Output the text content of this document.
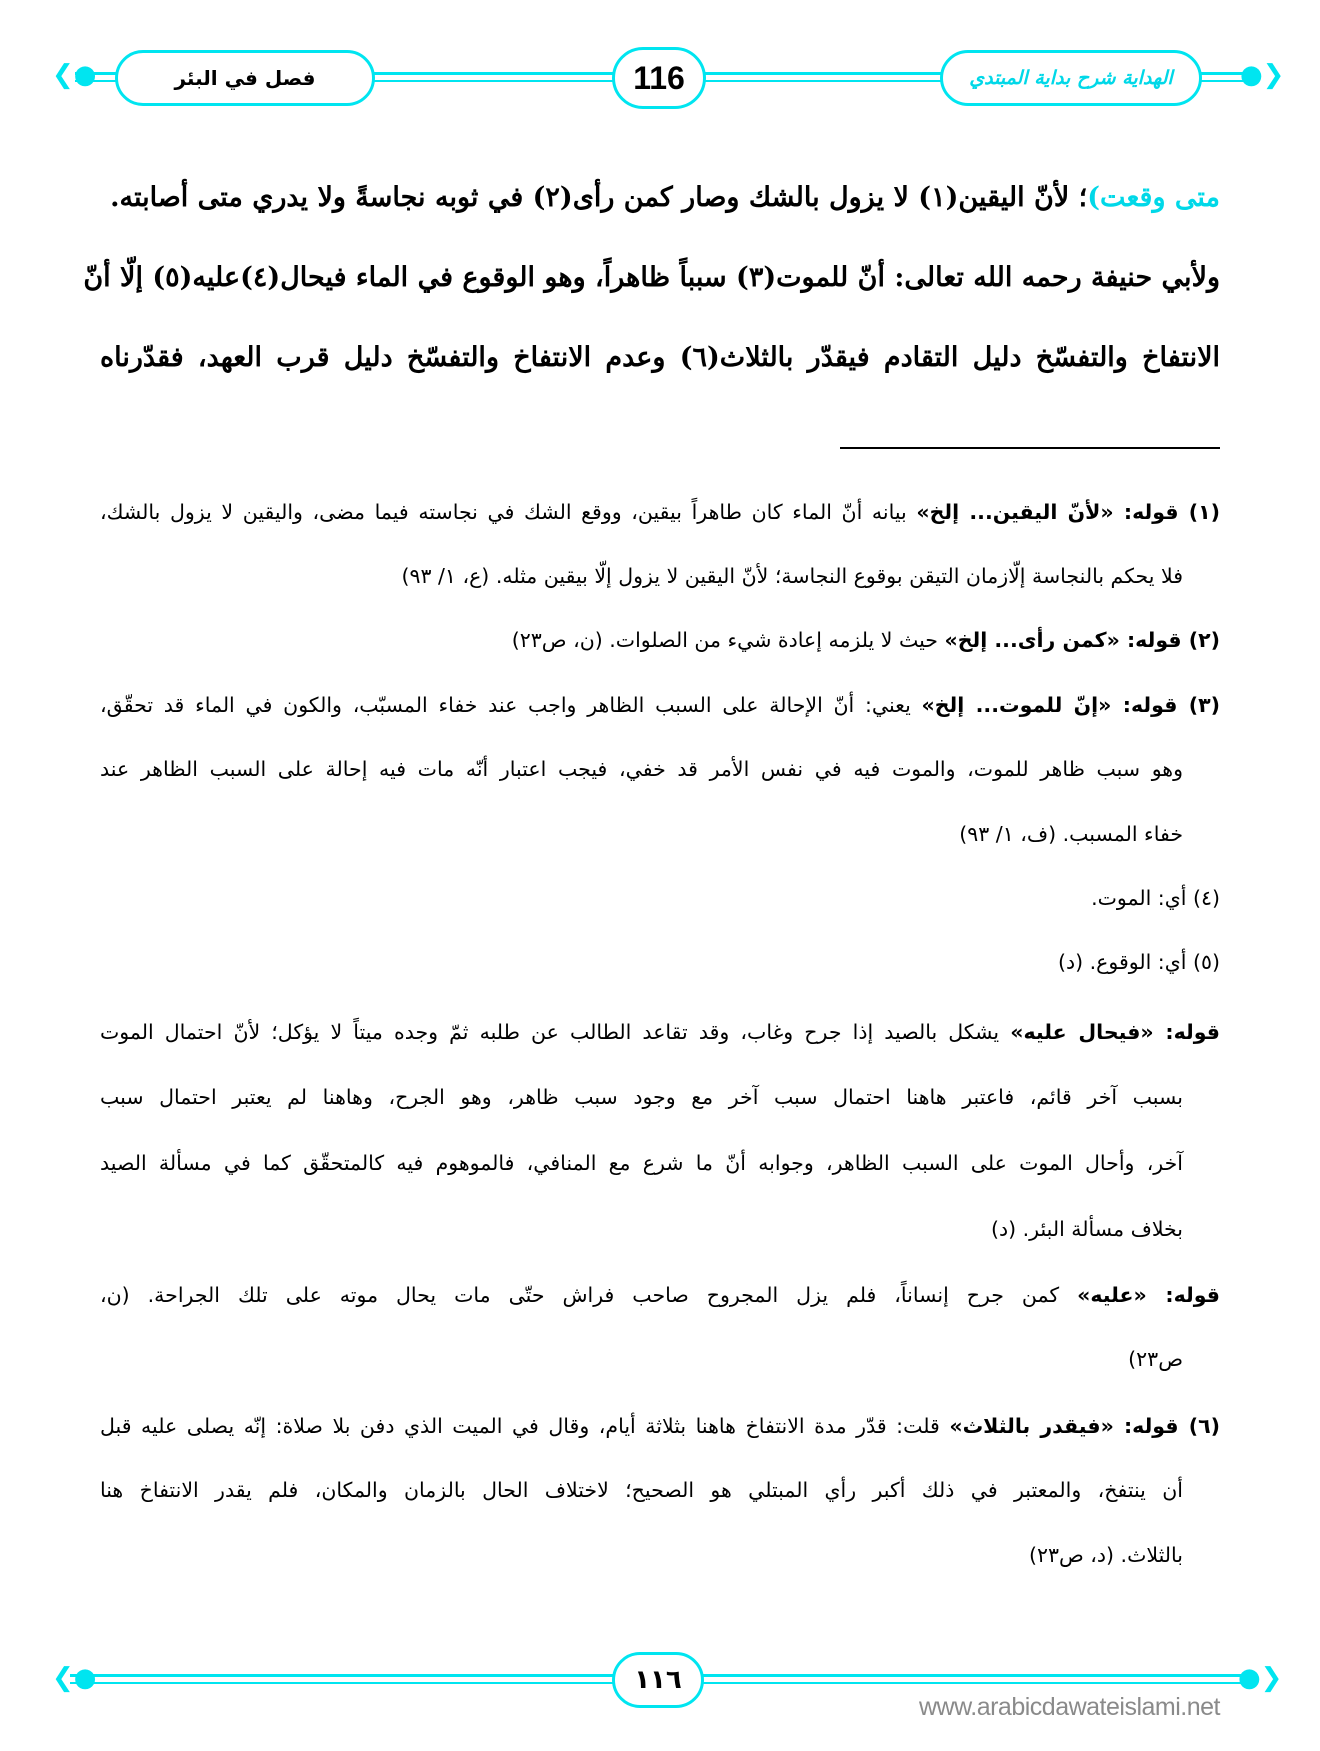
❮●	●❯
فصل في البئر	116	الهداية شرح بداية المبتدي
متى وقعت)؛ لأنّ اليقين(١) لا يزول بالشك وصار كمن رأى(٢) في ثوبه نجاسةً ولا يدري متى أصابته.
ولأبي حنيفة رحمه الله تعالى: أنّ للموت(٣) سبباً ظاهراً، وهو الوقوع في الماء فيحال(٤)عليه(٥) إلّا أنّ
الانتفاخ والتفسّخ دليل التقادم فيقدّر بالثلاث(٦) وعدم الانتفاخ والتفسّخ دليل قرب العهد، فقدّرناه
(١) قوله: «لأنّ اليقين... إلخ» بيانه أنّ الماء كان طاهراً بيقين، ووقع الشك في نجاسته فيما مضى، واليقين لا يزول بالشك،
فلا يحكم بالنجاسة إلّازمان التيقن بوقوع النجاسة؛ لأنّ اليقين لا يزول إلّا بيقين مثله. (ع، ١/ ٩٣)
(٢) قوله: «كمن رأى... إلخ» حيث لا يلزمه إعادة شيء من الصلوات. (ن، ص٢٣)
(٣) قوله: «إنّ للموت... إلخ» يعني: أنّ الإحالة على السبب الظاهر واجب عند خفاء المسبّب، والكون في الماء قد تحقّق،
وهو سبب ظاهر للموت، والموت فيه في نفس الأمر قد خفي، فيجب اعتبار أنّه مات فيه إحالة على السبب الظاهر عند
خفاء المسبب. (ف، ١/ ٩٣)
(٤) أي: الموت.
(٥) أي: الوقوع. (د)
قوله: «فيحال عليه» يشكل بالصيد إذا جرح وغاب، وقد تقاعد الطالب عن طلبه ثمّ وجده ميتاً لا يؤكل؛ لأنّ احتمال الموت
بسبب آخر قائم، فاعتبر هاهنا احتمال سبب آخر مع وجود سبب ظاهر، وهو الجرح، وهاهنا لم يعتبر احتمال سبب
آخر، وأحال الموت على السبب الظاهر، وجوابه أنّ ما شرع مع المنافي، فالموهوم فيه كالمتحقّق كما في مسألة الصيد
بخلاف مسألة البئر. (د)
قوله: «عليه» كمن جرح إنساناً، فلم يزل المجروح صاحب فراش حتّى مات يحال موته على تلك الجراحة. (ن،
ص٢٣)
(٦) قوله: «فيقدر بالثلاث» قلت: قدّر مدة الانتفاخ هاهنا بثلاثة أيام، وقال في الميت الذي دفن بلا صلاة: إنّه يصلى عليه قبل
أن ينتفخ، والمعتبر في ذلك أكبر رأي المبتلي هو الصحيح؛ لاختلاف الحال بالزمان والمكان، فلم يقدر الانتفاخ هنا
بالثلاث. (د، ص٢٣)
❮●	●❯
١١٦
www.arabicdawateislami.net
